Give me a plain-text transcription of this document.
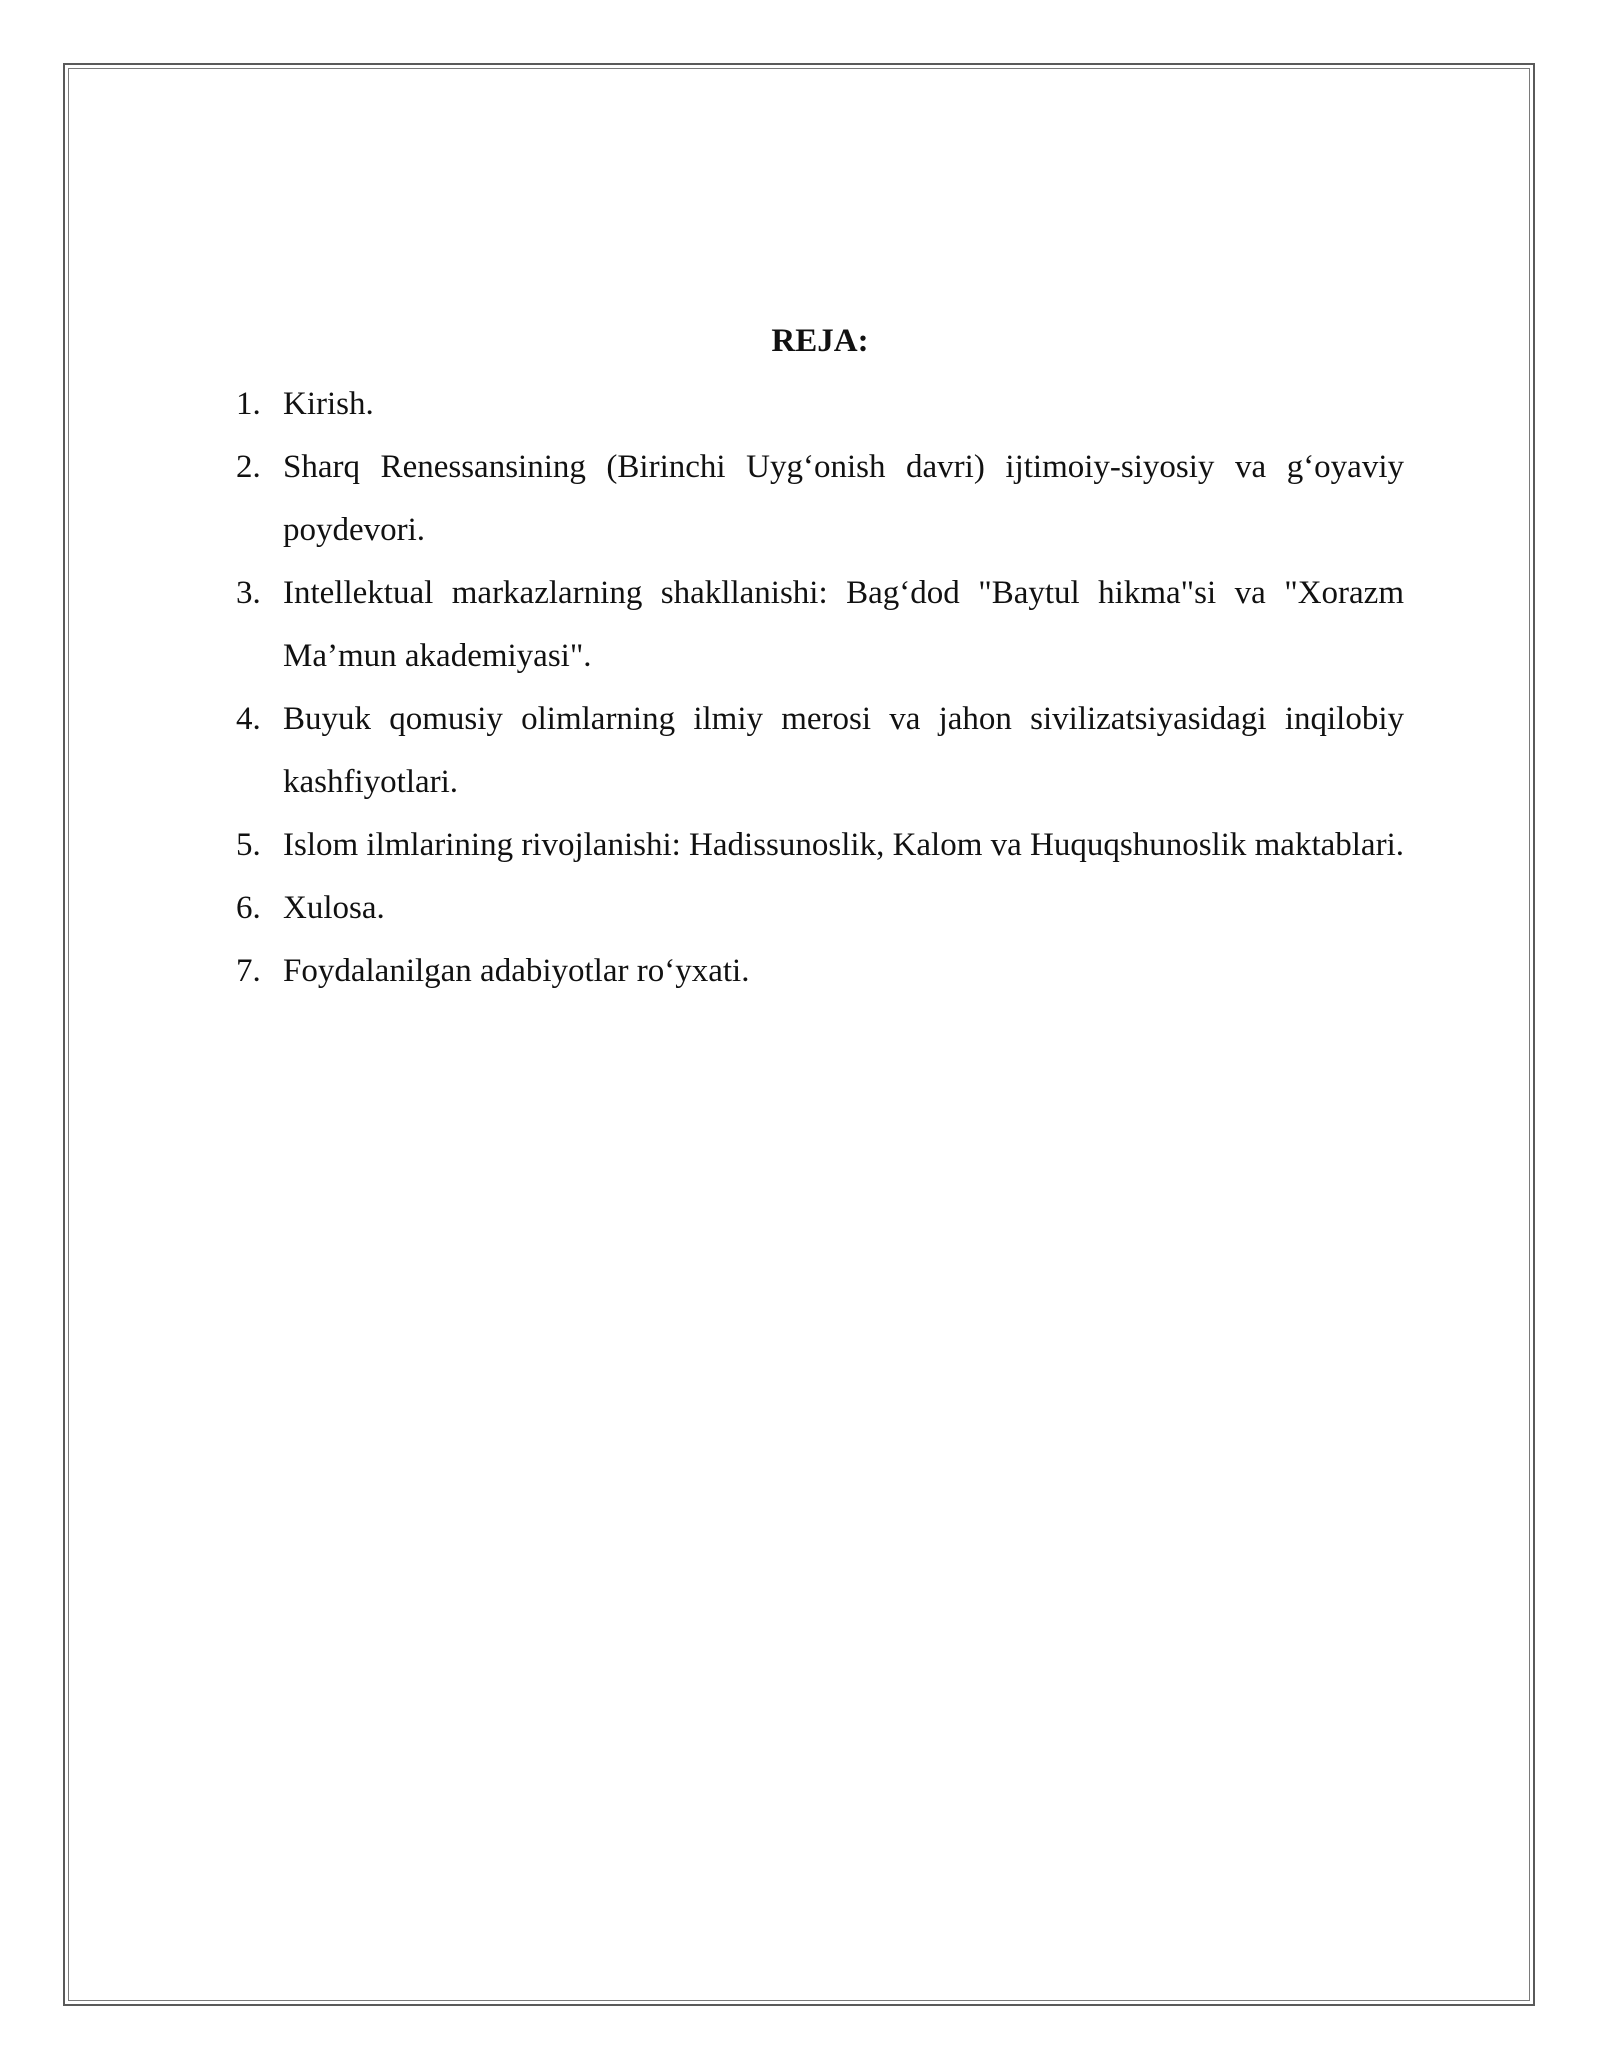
REJA:
1. Kirish.
2. Sharq Renessansining (Birinchi Uyg‘onish davri) ijtimoiy-siyosiy va g‘oyaviy poydevori.
3. Intellektual markazlarning shakllanishi: Bag‘dod "Baytul hikma"si va "Xorazm Ma’mun akademiyasi".
4. Buyuk qomusiy olimlarning ilmiy merosi va jahon sivilizatsiyasidagi inqilobiy kashfiyotlari.
5. Islom ilmlarining rivojlanishi: Hadissunoslik, Kalom va Huquqshunoslik maktablari.
6. Xulosa.
7. Foydalanilgan adabiyotlar ro‘yxati.
